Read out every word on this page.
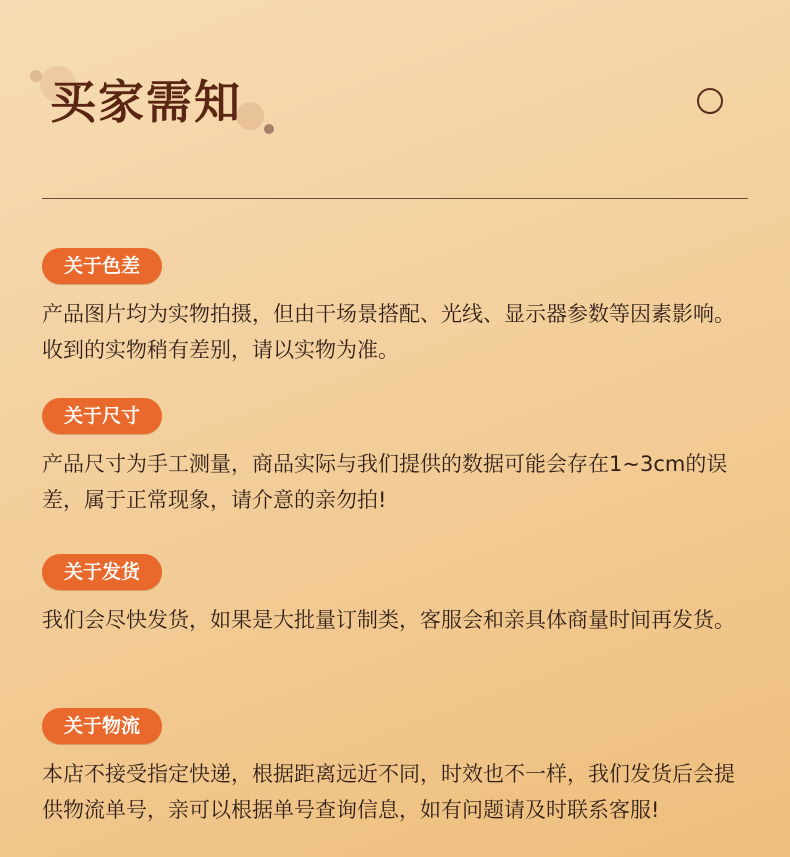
买家需知
关于色差
产品图片均为实物拍摄，但由干场景搭配、光线、显示器参数等因素影响。收到的实物稍有差别，请以实物为准。
关于尺寸
产品尺寸为手工测量，商品实际与我们提供的数据可能会存在1~3cm的误差，属于正常现象，请介意的亲勿拍!
关于发货
我们会尽快发货，如果是大批量订制类，客服会和亲具体商量时间再发货。
关于物流
本店不接受指定快递，根据距离远近不同，时效也不一样，我们发货后会提供物流单号，亲可以根据单号查询信息，如有问题请及时联系客服!
